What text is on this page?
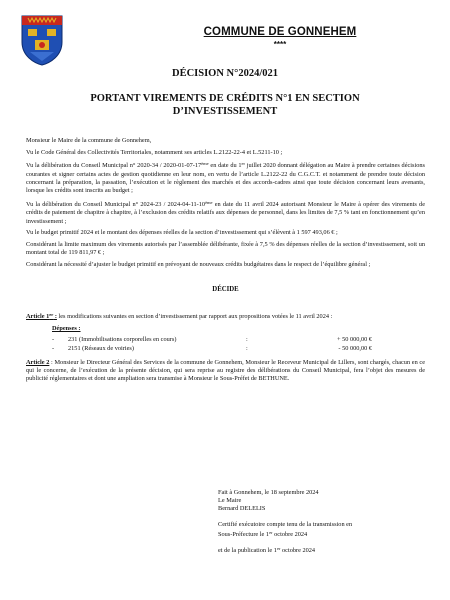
COMMUNE DE GONNEHEM
****
DÉCISION N°2024/021
PORTANT VIREMENTS DE CRÉDITS N°1 EN SECTION
D’INVESTISSEMENT

Monsieur le Maire de la commune de Gonnehem,

Vu le Code Général des Collectivités Territoriales, notamment ses articles L.2122-22-4 et L.5211-10 ;

Vu la délibération du Conseil Municipal n° 2020-34 / 2020-01-07-17ème en date du 1er juillet 2020 donnant délégation au Maire à prendre certaines décisions courantes et signer certains actes de gestion quotidienne en leur nom, en vertu de l’article L.2122-22 du C.G.C.T. et notamment de prendre toute décision concernant la préparation, la passation, l’exécution et le règlement des marchés et des accords-cadres ainsi que toute décision concernant leurs avenants, lorsque les crédits sont inscrits au budget ;

Vu la délibération du Conseil Municipal n° 2024-23 / 2024-04-11-10ème en date du 11 avril 2024 autorisant Monsieur le Maire à opérer des virements de crédits de paiement de chapitre à chapitre, à l’exclusion des crédits relatifs aux dépenses de personnel, dans les limites de 7,5 % tant en fonctionnement qu’en investissement ;

Vu le budget primitif 2024 et le montant des dépenses réelles de la section d’investissement qui s’élèvent à 1 597 493,06 € ;

Considérant la limite maximum des virements autorisés par l’assemblée délibérante, fixée à 7,5 % des dépenses réelles de la section d’investissement, soit un montant total de 119 811,97 € ;

Considérant la nécessité d’ajuster le budget primitif en prévoyant de nouveaux crédits budgétaires dans le respect de l’équilibre général ;

DÉCIDE

Article 1er : les modifications suivantes en section d’investissement par rapport aux propositions votées le 11 avril 2024 :

Dépenses :
-	231 (Immobilisations corporelles en cours)	:	+ 50 000,00 €
-	2151 (Réseaux de voiries)	:	- 50 000,00 €

Article 2 : Monsieur le Directeur Général des Services de la commune de Gonnehem, Monsieur le Receveur Municipal de Lillers, sont chargés, chacun en ce qui le concerne, de l’exécution de la présente décision, qui sera reprise au registre des délibérations du Conseil Municipal, fera l’objet des mesures de publicité réglementaires et dont une ampliation sera transmise à Monsieur le Sous-Préfet de BETHUNE.

Fait à Gonnehem, le 18 septembre 2024

Le Maire

Bernard DELELIS

Certifié exécutoire compte tenu de la transmission en

Sous-Préfecture le 1er octobre 2024

et de la publication le 1er octobre 2024
